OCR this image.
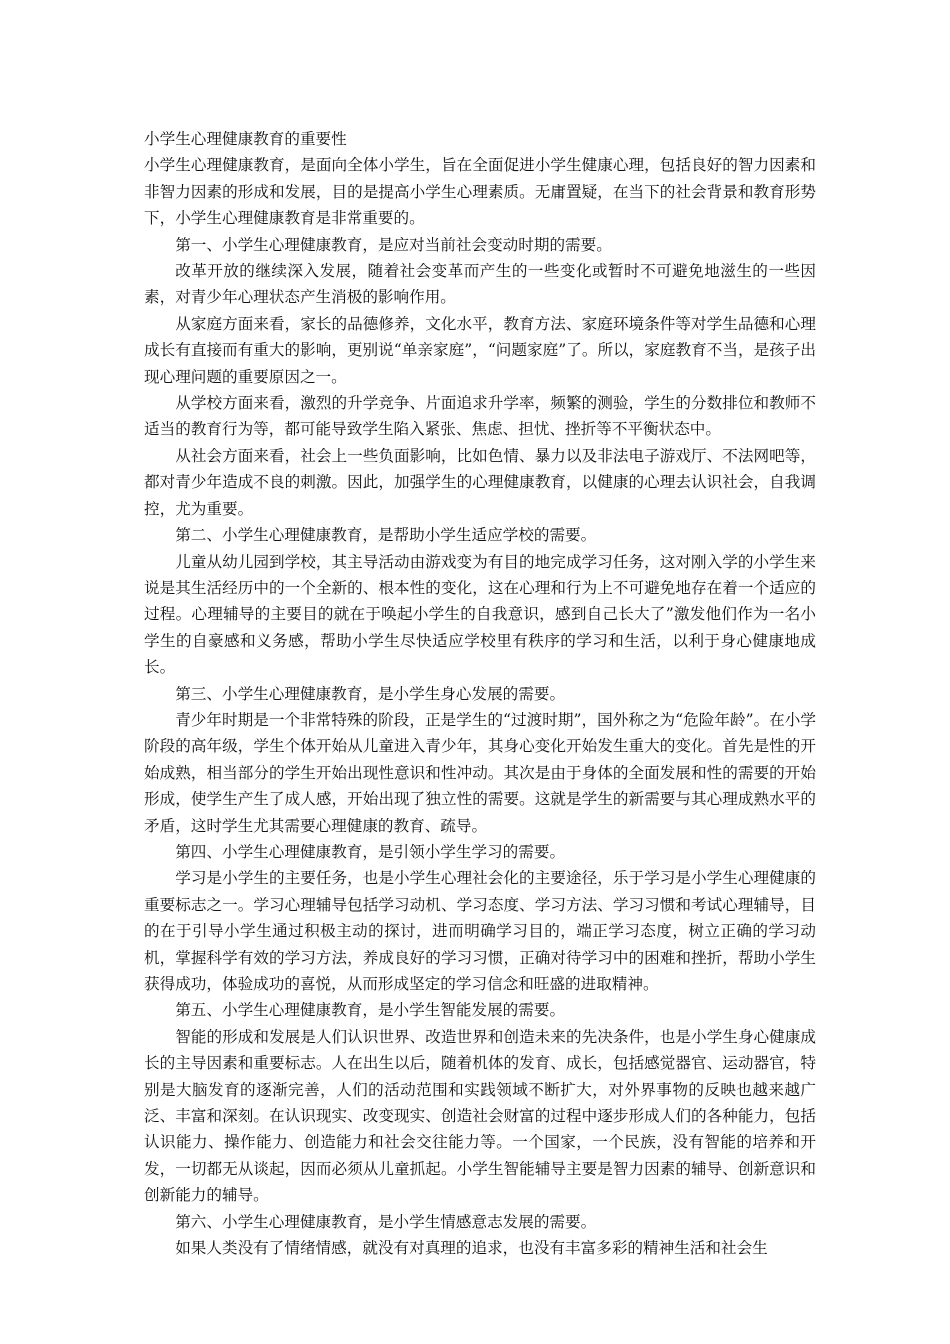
小学生心理健康教育的重要性

小学生心理健康教育，是面向全体小学生，旨在全面促进小学生健康心理，包括良好的智力因素和非智力因素的形成和发展，目的是提高小学生心理素质。无庸置疑，在当下的社会背景和教育形势下，小学生心理健康教育是非常重要的。

第一、小学生心理健康教育，是应对当前社会变动时期的需要。

改革开放的继续深入发展，随着社会变革而产生的一些变化或暂时不可避免地滋生的一些因素，对青少年心理状态产生消极的影响作用。

从家庭方面来看，家长的品德修养，文化水平，教育方法、家庭环境条件等对学生品德和心理成长有直接而有重大的影响，更别说“单亲家庭”，“问题家庭”了。所以，家庭教育不当，是孩子出现心理问题的重要原因之一。

从学校方面来看，激烈的升学竞争、片面追求升学率，频繁的测验，学生的分数排位和教师不适当的教育行为等，都可能导致学生陷入紧张、焦虑、担忧、挫折等不平衡状态中。

从社会方面来看，社会上一些负面影响，比如色情、暴力以及非法电子游戏厅、不法网吧等，都对青少年造成不良的刺激。因此，加强学生的心理健康教育，以健康的心理去认识社会，自我调控，尤为重要。

第二、小学生心理健康教育，是帮助小学生适应学校的需要。

儿童从幼儿园到学校，其主导活动由游戏变为有目的地完成学习任务，这对刚入学的小学生来说是其生活经历中的一个全新的、根本性的变化，这在心理和行为上不可避免地存在着一个适应的过程。心理辅导的主要目的就在于唤起小学生的自我意识，感到自己长大了”激发他们作为一名小学生的自豪感和义务感，帮助小学生尽快适应学校里有秩序的学习和生活，以利于身心健康地成长。

第三、小学生心理健康教育，是小学生身心发展的需要。

青少年时期是一个非常特殊的阶段，正是学生的“过渡时期”，国外称之为“危险年龄”。在小学阶段的高年级，学生个体开始从儿童进入青少年，其身心变化开始发生重大的变化。首先是性的开始成熟，相当部分的学生开始出现性意识和性冲动。其次是由于身体的全面发展和性的需要的开始形成，使学生产生了成人感，开始出现了独立性的需要。这就是学生的新需要与其心理成熟水平的矛盾，这时学生尤其需要心理健康的教育、疏导。

第四、小学生心理健康教育，是引领小学生学习的需要。

学习是小学生的主要任务，也是小学生心理社会化的主要途径，乐于学习是小学生心理健康的重要标志之一。学习心理辅导包括学习动机、学习态度、学习方法、学习习惯和考试心理辅导，目的在于引导小学生通过积极主动的探讨，进而明确学习目的，端正学习态度，树立正确的学习动机，掌握科学有效的学习方法，养成良好的学习习惯，正确对待学习中的困难和挫折，帮助小学生获得成功，体验成功的喜悦，从而形成坚定的学习信念和旺盛的进取精神。

第五、小学生心理健康教育，是小学生智能发展的需要。

智能的形成和发展是人们认识世界、改造世界和创造未来的先决条件，也是小学生身心健康成长的主导因素和重要标志。人在出生以后，随着机体的发育、成长，包括感觉器官、运动器官，特别是大脑发育的逐渐完善，人们的活动范围和实践领域不断扩大，对外界事物的反映也越来越广泛、丰富和深刻。在认识现实、改变现实、创造社会财富的过程中逐步形成人们的各种能力，包括认识能力、操作能力、创造能力和社会交往能力等。一个国家，一个民族，没有智能的培养和开发，一切都无从谈起，因而必须从儿童抓起。小学生智能辅导主要是智力因素的辅导、创新意识和创新能力的辅导。

第六、小学生心理健康教育，是小学生情感意志发展的需要。

如果人类没有了情绪情感，就没有对真理的追求，也没有丰富多彩的精神生活和社会生
